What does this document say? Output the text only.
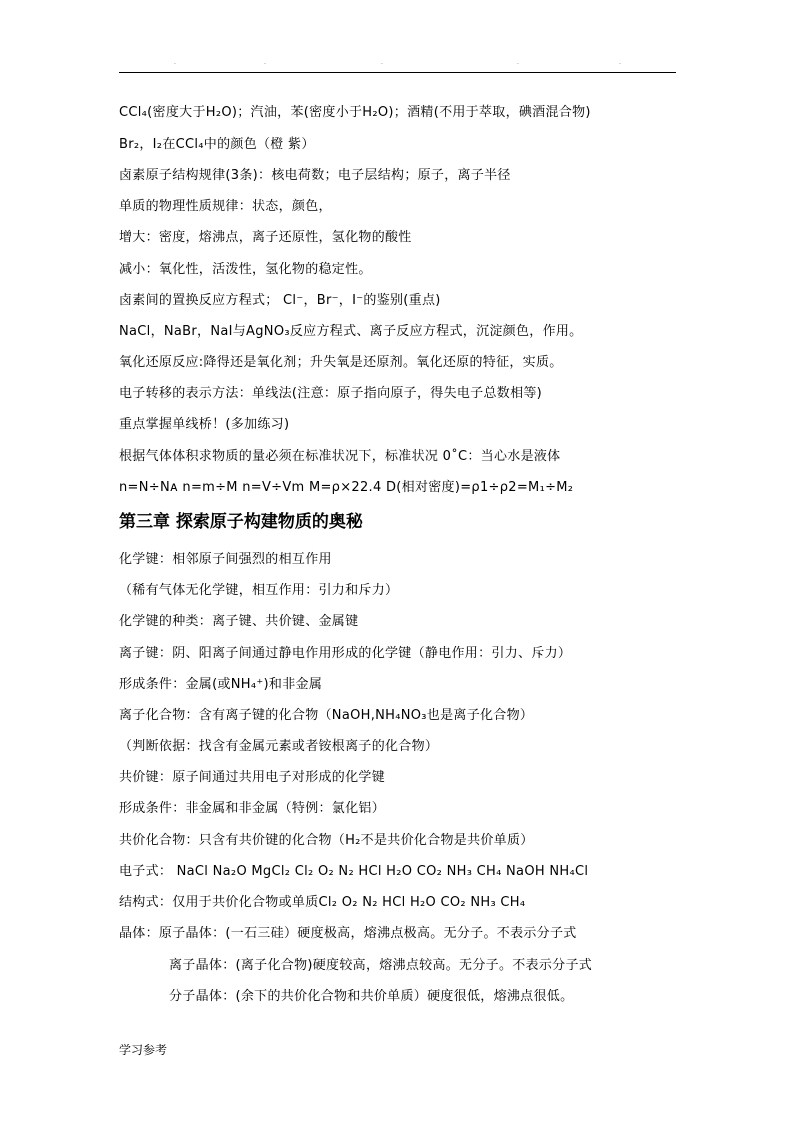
.	.	.	.	.
CCl₄(密度大于H₂O)；汽油，苯(密度小于H₂O)；酒精(不用于萃取，碘酒混合物)
Br₂，I₂在CCl₄中的颜色（橙 紫）
卤素原子结构规律(3条)：核电荷数；电子层结构；原子，离子半径
单质的物理性质规律：状态，颜色，
增大：密度，熔沸点，离子还原性，氢化物的酸性
减小：氧化性，活泼性，氢化物的稳定性。
卤素间的置换反应方程式； Cl⁻，Br⁻，I⁻的鉴别(重点)
NaCl，NaBr，NaI与AgNO₃反应方程式、离子反应方程式，沉淀颜色，作用。
氧化还原反应:降得还是氧化剂；升失氧是还原剂。氧化还原的特征，实质。
电子转移的表示方法：单线法(注意：原子指向原子，得失电子总数相等)
重点掌握单线桥！(多加练习)
根据气体体积求物质的量必须在标准状况下，标准状况 0˚C：当心水是液体
n=N÷Nᴀ n=m÷M n=V÷Vm M=ρ×22.4 D(相对密度)=ρ1÷ρ2=M₁÷M₂
第三章 探索原子构建物质的奥秘
化学键：相邻原子间强烈的相互作用
（稀有气体无化学键，相互作用：引力和斥力）
化学键的种类：离子键、共价键、金属键
离子键：阴、阳离子间通过静电作用形成的化学键（静电作用：引力、斥力）
形成条件：金属(或NH₄⁺)和非金属
离子化合物：含有离子键的化合物（NaOH,NH₄NO₃也是离子化合物）
（判断依据：找含有金属元素或者铵根离子的化合物）
共价键：原子间通过共用电子对形成的化学键
形成条件：非金属和非金属（特例：氯化铝）
共价化合物：只含有共价键的化合物（H₂不是共价化合物是共价单质）
电子式： NaCl Na₂O MgCl₂ Cl₂ O₂ N₂ HCl H₂O CO₂ NH₃ CH₄ NaOH NH₄Cl
结构式：仅用于共价化合物或单质Cl₂ O₂ N₂ HCl H₂O CO₂ NH₃ CH₄
晶体：原子晶体：(一石三硅）硬度极高，熔沸点极高。无分子。不表示分子式
离子晶体：(离子化合物)硬度较高，熔沸点较高。无分子。不表示分子式
分子晶体：(余下的共价化合物和共价单质）硬度很低，熔沸点很低。
学习参考
